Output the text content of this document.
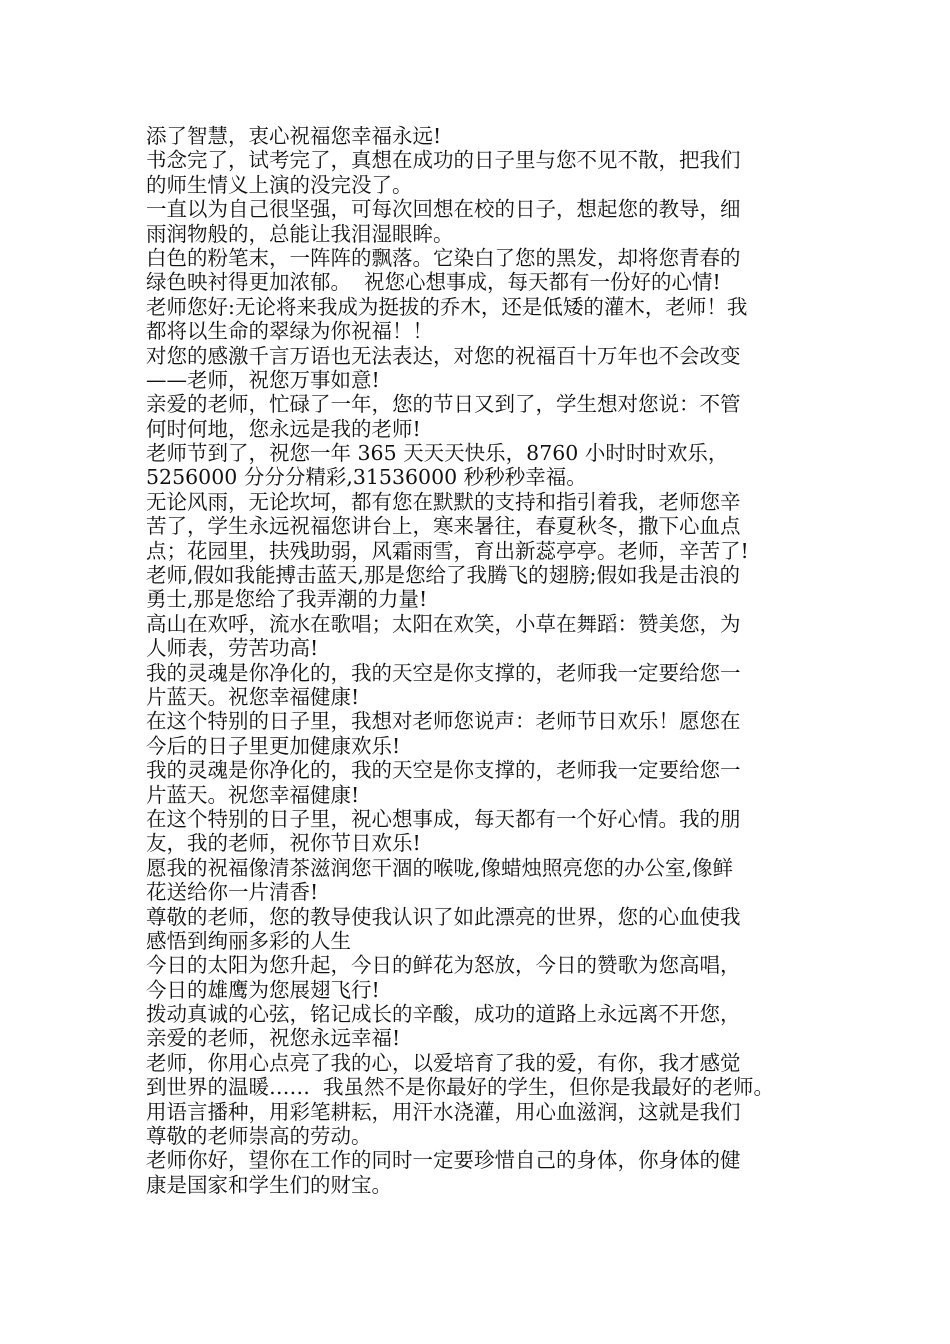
添了智慧，衷心祝福您幸福永远!
书念完了，试考完了，真想在成功的日子里与您不见不散，把我们
的师生情义上演的没完没了。
一直以为自己很坚强，可每次回想在校的日子，想起您的教导，细
雨润物般的，总能让我泪湿眼眸。
白色的粉笔末，一阵阵的飘落。它染白了您的黑发，却将您青春的
绿色映衬得更加浓郁。  祝您心想事成，每天都有一份好的心情!
老师您好:无论将来我成为挺拔的乔木，还是低矮的灌木，老师！我
都将以生命的翠绿为你祝福！！
对您的感激千言万语也无法表达，对您的祝福百十万年也不会改变
——老师，祝您万事如意!
亲爱的老师，忙碌了一年，您的节日又到了，学生想对您说：不管
何时何地，您永远是我的老师!
老师节到了，祝您一年 365 天天天快乐，8760 小时时时欢乐，
5256000 分分分精彩,31536000 秒秒秒幸福。
无论风雨，无论坎坷，都有您在默默的支持和指引着我，老师您辛
苦了，学生永远祝福您讲台上，寒来暑往，春夏秋冬，撒下心血点
点；花园里，扶残助弱，风霜雨雪，育出新蕊亭亭。老师，辛苦了!
老师,假如我能搏击蓝天,那是您给了我腾飞的翅膀;假如我是击浪的
勇士,那是您给了我弄潮的力量!
高山在欢呼，流水在歌唱；太阳在欢笑，小草在舞蹈：赞美您，为
人师表，劳苦功高!
我的灵魂是你净化的，我的天空是你支撑的，老师我一定要给您一
片蓝天。祝您幸福健康!
在这个特别的日子里，我想对老师您说声：老师节日欢乐！愿您在
今后的日子里更加健康欢乐!
我的灵魂是你净化的，我的天空是你支撑的，老师我一定要给您一
片蓝天。祝您幸福健康!
在这个特别的日子里，祝心想事成，每天都有一个好心情。我的朋
友，我的老师，祝你节日欢乐!
愿我的祝福像清茶滋润您干涸的喉咙,像蜡烛照亮您的办公室,像鲜
花送给你一片清香!
尊敬的老师，您的教导使我认识了如此漂亮的世界，您的心血使我
感悟到绚丽多彩的人生
今日的太阳为您升起，今日的鲜花为怒放，今日的赞歌为您高唱，
今日的雄鹰为您展翅飞行!
拨动真诚的心弦，铭记成长的辛酸，成功的道路上永远离不开您，
亲爱的老师，祝您永远幸福!
老师，你用心点亮了我的心，以爱培育了我的爱，有你，我才感觉
到世界的温暖……  我虽然不是你最好的学生，但你是我最好的老师。
用语言播种，用彩笔耕耘，用汗水浇灌，用心血滋润，这就是我们
尊敬的老师崇高的劳动。
老师你好，望你在工作的同时一定要珍惜自己的身体，你身体的健
康是国家和学生们的财宝。
